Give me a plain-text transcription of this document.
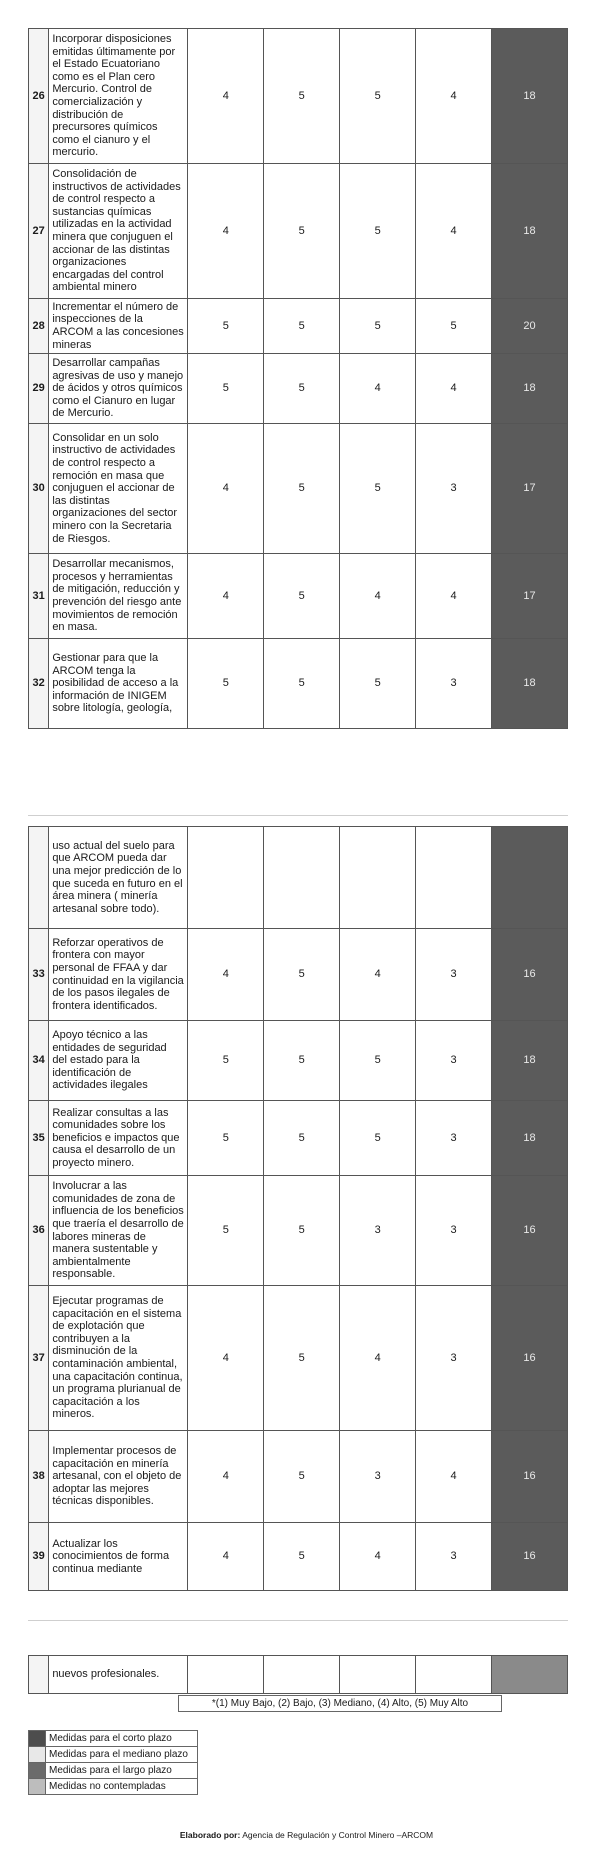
26	Incorporar disposiciones emitidas últimamente por el Estado Ecuatoriano como es el Plan cero Mercurio. Control de comercialización y distribución de precursores químicos como el cianuro y el mercurio.	4	5	5	4	18
27	Consolidación de instructivos de actividades de control respecto a sustancias químicas utilizadas en la actividad minera que conjuguen el accionar de las distintas organizaciones encargadas del control ambiental minero	4	5	5	4	18
28	Incrementar el número de inspecciones de la ARCOM a las concesiones mineras	5	5	5	5	20
29	Desarrollar campañas agresivas de uso y manejo de ácidos y otros químicos como el Cianuro en lugar de Mercurio.	5	5	4	4	18
30	Consolidar en un solo instructivo de actividades de control respecto a remoción en masa que conjuguen el accionar de las distintas organizaciones del sector minero con la Secretaria de Riesgos.	4	5	5	3	17
31	Desarrollar mecanismos, procesos y herramientas de mitigación, reducción y prevención del riesgo ante movimientos de remoción en masa.	4	5	4	4	17
32	Gestionar para que la ARCOM tenga la posibilidad de acceso a la información de INIGEM sobre litología, geología,	5	5	5	3	18
	uso actual del suelo para que ARCOM pueda dar una mejor predicción de lo que suceda en futuro en el área minera ( minería artesanal sobre todo).					
33	Reforzar operativos de frontera con mayor personal de FFAA y dar continuidad en la vigilancia de los pasos ilegales de frontera identificados.	4	5	4	3	16
34	Apoyo técnico a las entidades de seguridad del estado para la identificación de actividades ilegales	5	5	5	3	18
35	Realizar consultas a las comunidades sobre los beneficios e impactos que causa el desarrollo de un proyecto minero.	5	5	5	3	18
36	Involucrar a las comunidades de zona de influencia de los beneficios que traería el desarrollo de labores mineras de manera sustentable y ambientalmente responsable.	5	5	3	3	16
37	Ejecutar programas de capacitación en el sistema de explotación que contribuyen a la disminución de la contaminación ambiental, una capacitación continua, un programa plurianual de capacitación a los mineros.	4	5	4	3	16
38	Implementar procesos de capacitación en minería artesanal, con el objeto de adoptar las mejores técnicas disponibles.	4	5	3	4	16
39	Actualizar los conocimientos de forma continua mediante	4	5	4	3	16
	nuevos profesionales.					
*(1) Muy Bajo, (2) Bajo, (3) Mediano, (4) Alto, (5) Muy Alto
Medidas para el corto plazo
Medidas para el mediano plazo
Medidas para el largo plazo
Medidas no contempladas
Elaborado por: Agencia de Regulación y Control Minero –ARCOM
